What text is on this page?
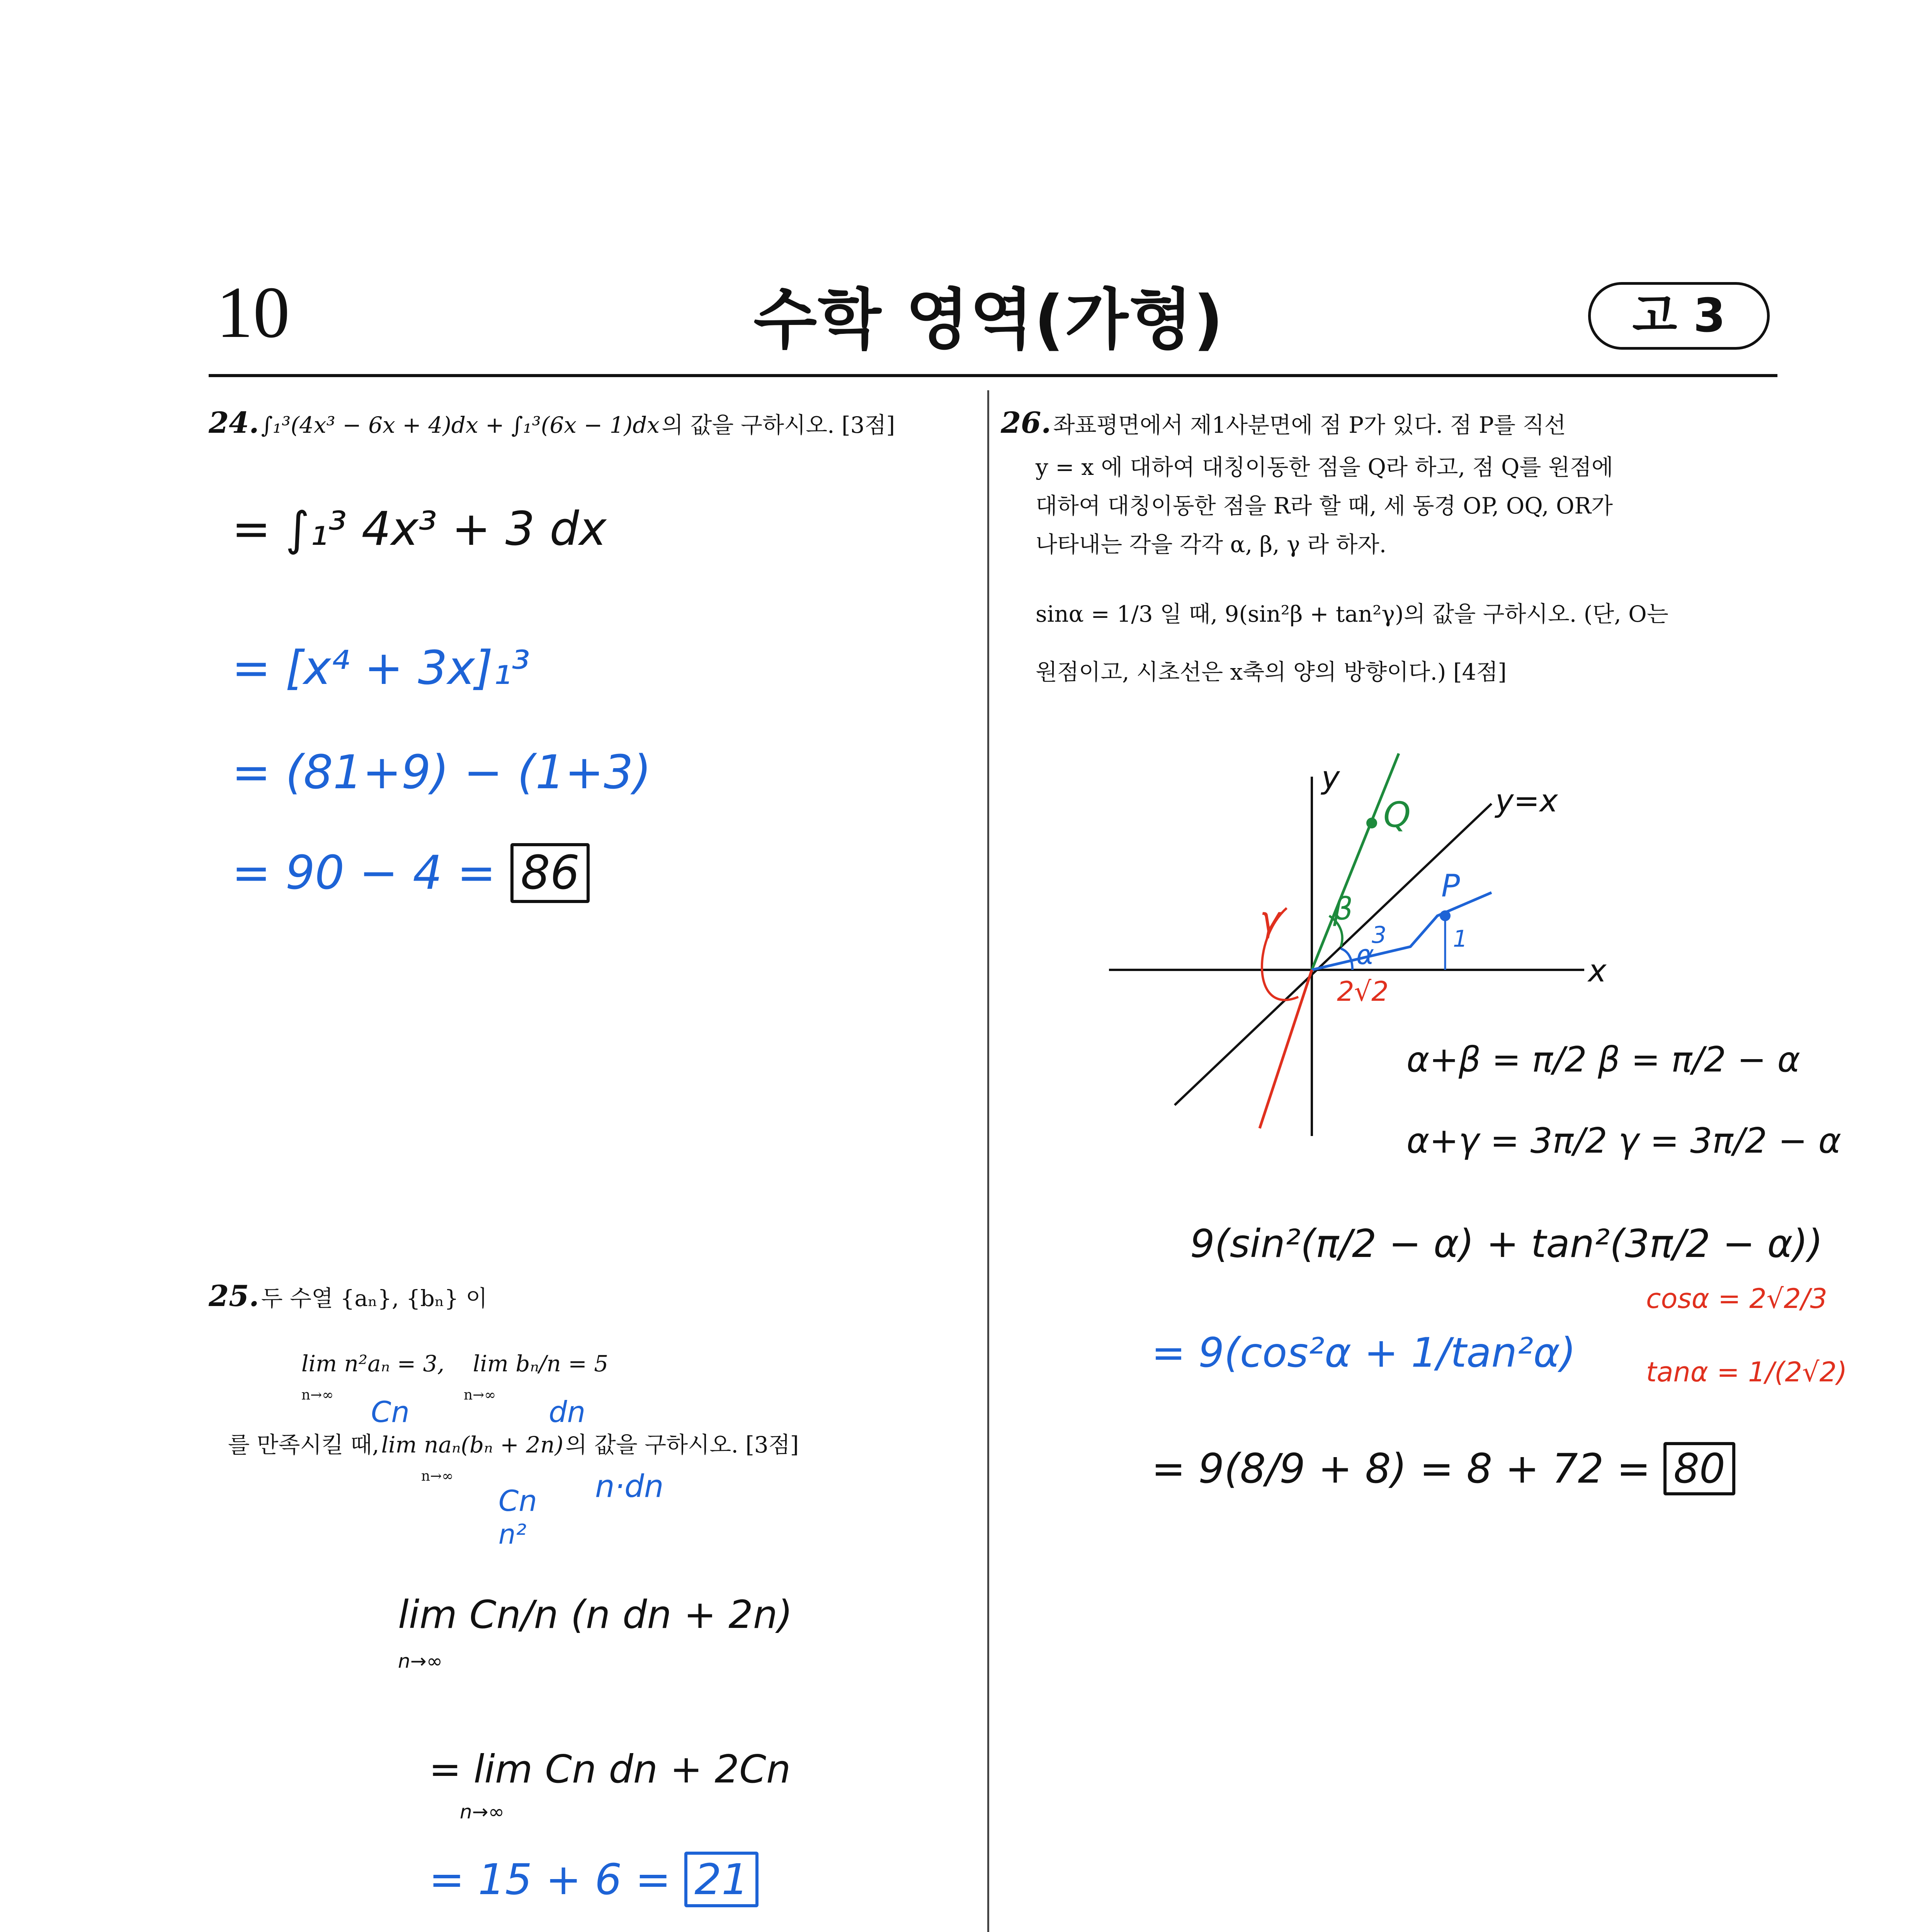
10	수학 영역(가형)	고 3
24. ∫₁³(4x³ − 6x + 4)dx + ∫₁³(6x − 1)dx 의 값을 구하시오. [3점]
= ∫₁³ 4x³ + 3 dx
= [x⁴ + 3x]₁³
= (81+9) − (1+3)
= 90 − 4 = 86
25. 두 수열 {aₙ}, {bₙ} 이
lim n²aₙ = 3, lim bₙ/n = 5
n→∞	n→∞
를 만족시킬 때, lim naₙ(bₙ + 2n) 의 값을 구하시오. [3점]
n→∞
Cn	dn
Cn
n²
n·dn
lim Cn/n (n dn + 2n)
n→∞
= lim Cn dn + 2Cn
n→∞
= 15 + 6 = 21
26. 좌표평면에서 제1사분면에 점 P가 있다. 점 P를 직선
y = x 에 대하여 대칭이동한 점을 Q라 하고, 점 Q를 원점에
대하여 대칭이동한 점을 R라 할 때, 세 동경 OP, OQ, OR가
나타내는 각을 각각 α, β, γ 라 하자.
sinα = 1/3 일 때, 9(sin²β + tan²γ)의 값을 구하시오. (단, O는
원점이고, 시초선은 x축의 양의 방향이다.) [4점]
y
x
y=x
Q
P
β
α
γ	3	1
2√2
α+β = π/2 β = π/2 − α
α+γ = 3π/2 γ = 3π/2 − α
9(sin²(π/2 − α) + tan²(3π/2 − α))
= 9(cos²α + 1/tan²α)
= 9(8/9 + 8) = 8 + 72 = 80
cosα = 2√2/3
tanα = 1/(2√2)
